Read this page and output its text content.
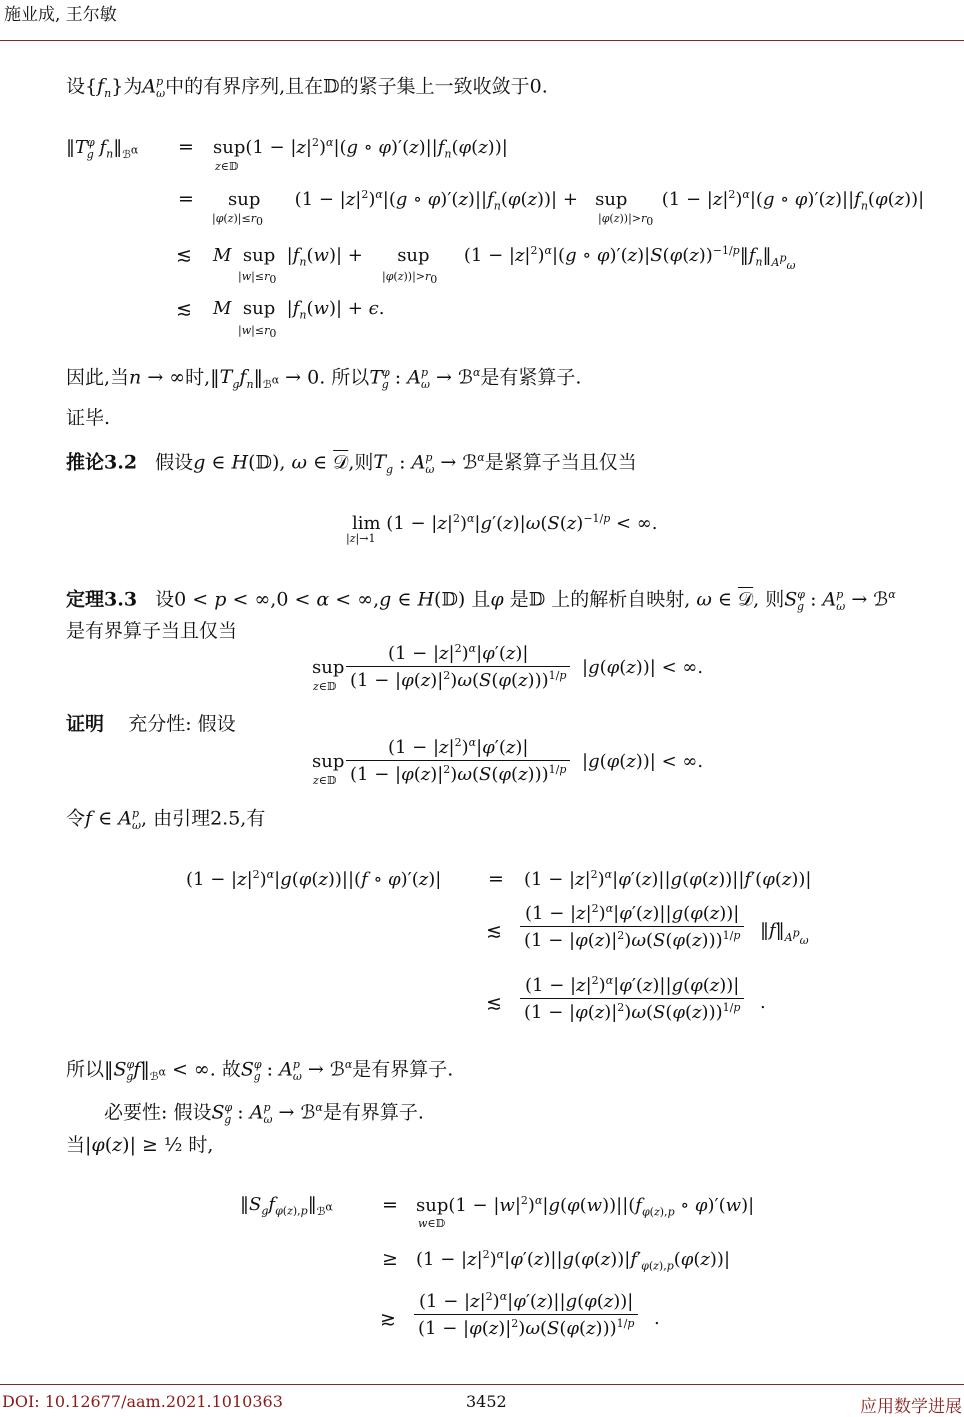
施业成, 王尔敏
设$\{f_n\}$为$A^p_\omega$中的有界序列,且在𝔻的紧子集上一致收敛于0.
$‖T^\varphi_g$ $f_n‖_{ℬ^\alpha} = sup(1 - |z|^2)^\alpha|(g$ ∘ $\varphi)'(z)||f_n(\varphi(z))|$
z∈𝔻
= sup      $(1 - |z|^2)^\alpha|(g$ ∘ $\varphi)'(z)||f_n(\varphi(z))|$ +   sup      $(1 - |z|^2)^\alpha|(g$ ∘ $\varphi)'(z)||f_n(\varphi(z))|$
$|\varphi(z)|\le r_0$	$|\varphi(z))|>r_0$
≲ M  sup  $|f_n(w)|$ +      sup      $(1 - |z|^2)^\alpha|(g$ ∘ $\varphi)'(z)|S(\varphi(z))^{-1/p}‖f_n‖_{A^p_\omega}$
$|w|\le r_0$	$|\varphi(z))|>r_0$
≲ M  sup  $|f_n(w)| + \epsilon$.
$|w|\le r_0$
因此,当n → ∞时$,‖T_gf_n‖_{ℬ^\alpha} \to 0$. 所以$T^\varphi_g$ : $A^p_\omega$ → ℬ$^\alpha$是有紧算子.
证毕.
推论3.2   假设g ∈ H(𝔻), ω ∈ 𝒟,则$T_g$ : $A^p_\omega$ → ℬ$^\alpha$是紧算子当且仅当
$\lim (1 - |z|^2)^\alpha|g'(z)|\omega(S(z)^{-1/p}$ < ∞.
|z|→1
定理3.3   设0 < p < ∞,0 < α < ∞,g ∈ H(𝔻) 且φ 是𝔻 上的解析自映射, ω ∈ 𝒟, 则$S^\varphi_g$ : $A^p_\omega$ → ℬ$^\alpha$
是有界算子当且仅当
sup
z∈𝔻
$(1 - |z|^2)^\alpha|\varphi'(z)|$
$(1 - |\varphi(z)|^2)\omega(S(\varphi(z)))^{1/p}$ |g(φ(z))| < ∞.
证明 充分性: 假设
sup
z∈𝔻
$(1 - |z|^2)^\alpha|\varphi'(z)|$
$(1 - |\varphi(z)|^2)\omega(S(\varphi(z)))^{1/p}$ |g(φ(z))| < ∞.
令f ∈ $A^p_\omega$, 由引理2.5,有
$(1 - |z|^2)^\alpha|g(\varphi(z))||(f$ ∘ $\varphi)'(z)| = (1 - |z|^2)^\alpha|\varphi'(z)||g(\varphi(z))||f'(\varphi(z))|$
≲
$(1 - |z|^2)^\alpha|\varphi'(z)||g(\varphi(z))|$
$(1 - |\varphi(z)|^2)\omega(S(\varphi(z)))^{1/p}$ $‖f‖_{A^p_\omega}$
≲
$(1 - |z|^2)^\alpha|\varphi'(z)||g(\varphi(z))|$
$(1 - |\varphi(z)|^2)\omega(S(\varphi(z)))^{1/p}$ .
所以$‖S^\varphi_gf‖_{ℬ^\alpha}$ < ∞. 故$S^\varphi_g$ : $A^p_\omega$ → ℬ$^\alpha$是有界算子.
必要性: 假设$S^\varphi_g$ : $A^p_\omega$ → ℬ$^\alpha$是有界算子.
当|φ(z)| ≥ ½ 时,
$‖S_gf_{\varphi(z),p}‖_{ℬ^\alpha}$	= $sup(1 - |w|^2)^\alpha|g(\varphi(w))||(f_{\varphi(z),p}$ ∘ φ)′(w)|
w∈𝔻
≥ $(1 - |z|^2)^\alpha|\varphi'(z)||g(\varphi(z))|f'_{\varphi(z),p}(\varphi(z))|$
≳
$(1 - |z|^2)^\alpha|\varphi'(z)||g(\varphi(z))|$
$(1 - |\varphi(z)|^2)\omega(S(\varphi(z)))^{1/p}$ .
DOI: 10.12677/aam.2021.1010363	3452	应用数学进展
